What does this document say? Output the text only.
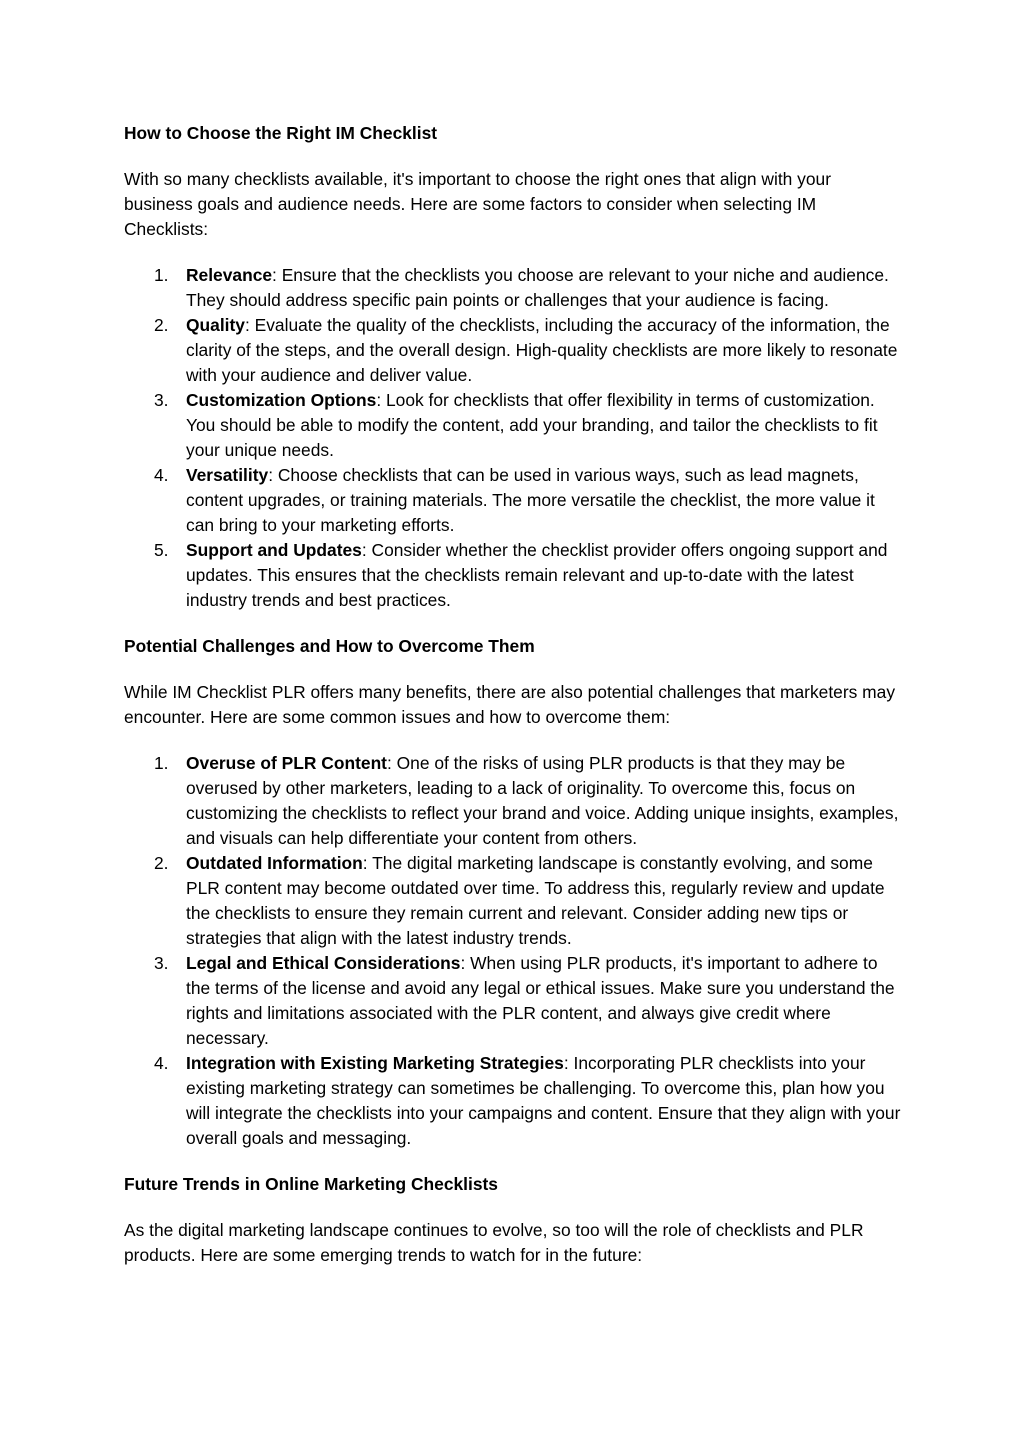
How to Choose the Right IM Checklist

With so many checklists available, it's important to choose the right ones that align with your business goals and audience needs. Here are some factors to consider when selecting IM Checklists:

1. Relevance: Ensure that the checklists you choose are relevant to your niche and audience. They should address specific pain points or challenges that your audience is facing.
2. Quality: Evaluate the quality of the checklists, including the accuracy of the information, the clarity of the steps, and the overall design. High-quality checklists are more likely to resonate with your audience and deliver value.
3. Customization Options: Look for checklists that offer flexibility in terms of customization. You should be able to modify the content, add your branding, and tailor the checklists to fit your unique needs.
4. Versatility: Choose checklists that can be used in various ways, such as lead magnets, content upgrades, or training materials. The more versatile the checklist, the more value it can bring to your marketing efforts.
5. Support and Updates: Consider whether the checklist provider offers ongoing support and updates. This ensures that the checklists remain relevant and up-to-date with the latest industry trends and best practices.
Potential Challenges and How to Overcome Them

While IM Checklist PLR offers many benefits, there are also potential challenges that marketers may encounter. Here are some common issues and how to overcome them:

1. Overuse of PLR Content: One of the risks of using PLR products is that they may be overused by other marketers, leading to a lack of originality. To overcome this, focus on customizing the checklists to reflect your brand and voice. Adding unique insights, examples, and visuals can help differentiate your content from others.
2. Outdated Information: The digital marketing landscape is constantly evolving, and some PLR content may become outdated over time. To address this, regularly review and update the checklists to ensure they remain current and relevant. Consider adding new tips or strategies that align with the latest industry trends.
3. Legal and Ethical Considerations: When using PLR products, it's important to adhere to the terms of the license and avoid any legal or ethical issues. Make sure you understand the rights and limitations associated with the PLR content, and always give credit where necessary.
4. Integration with Existing Marketing Strategies: Incorporating PLR checklists into your existing marketing strategy can sometimes be challenging. To overcome this, plan how you will integrate the checklists into your campaigns and content. Ensure that they align with your overall goals and messaging.
Future Trends in Online Marketing Checklists

As the digital marketing landscape continues to evolve, so too will the role of checklists and PLR products. Here are some emerging trends to watch for in the future:
